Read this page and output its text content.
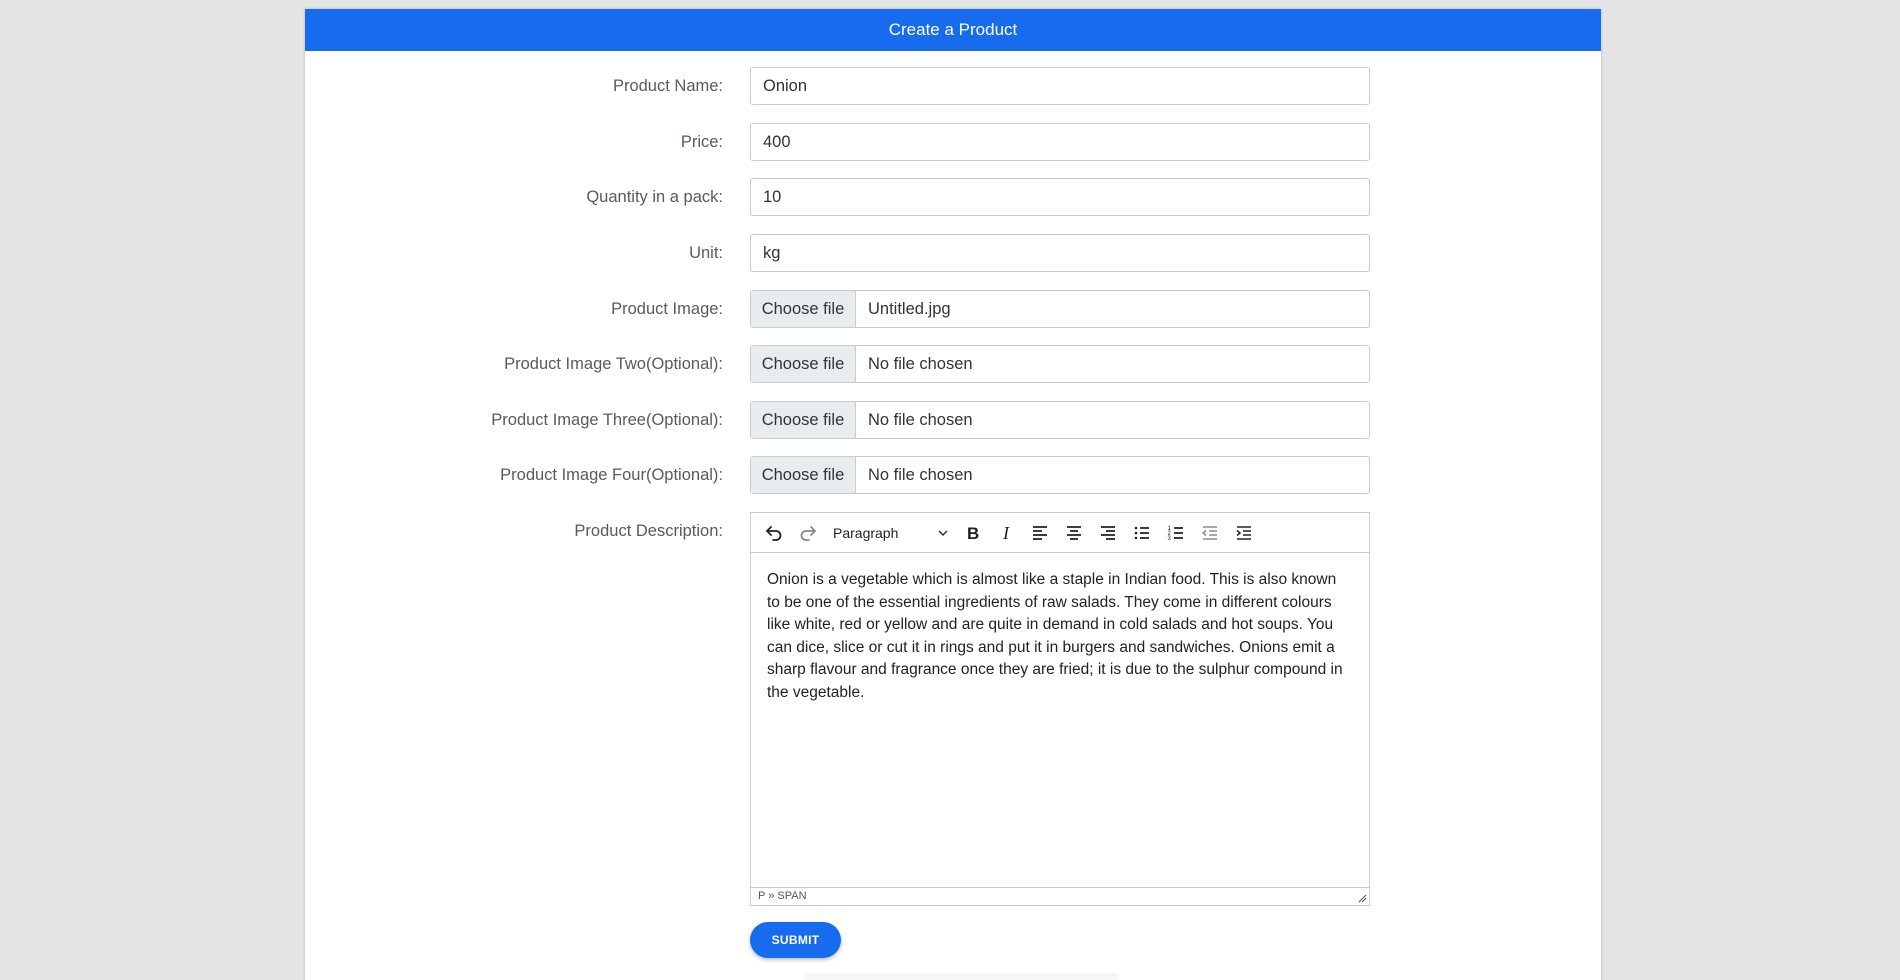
Create a Product
Product Name:	Onion
Price:	400
Quantity in a pack:	10
Unit:	kg
Product Image:	Choose file	Untitled.jpg
Product Image Two(Optional):	Choose file	No file chosen
Product Image Three(Optional):	Choose file	No file chosen
Product Image Four(Optional):	Choose file	No file chosen
Product Description:	Paragraph	B I	1
2
3

Onion is a vegetable which is almost like a staple in Indian food. This is also known to be one of the essential ingredients of raw salads. They come in different colours like white, red or yellow and are quite in demand in cold salads and hot soups. You can dice, slice or cut it in rings and put it in burgers and sandwiches. Onions emit a sharp flavour and fragrance once they are fried; it is due to the sulphur compound in the vegetable.

P » SPAN
SUBMIT
